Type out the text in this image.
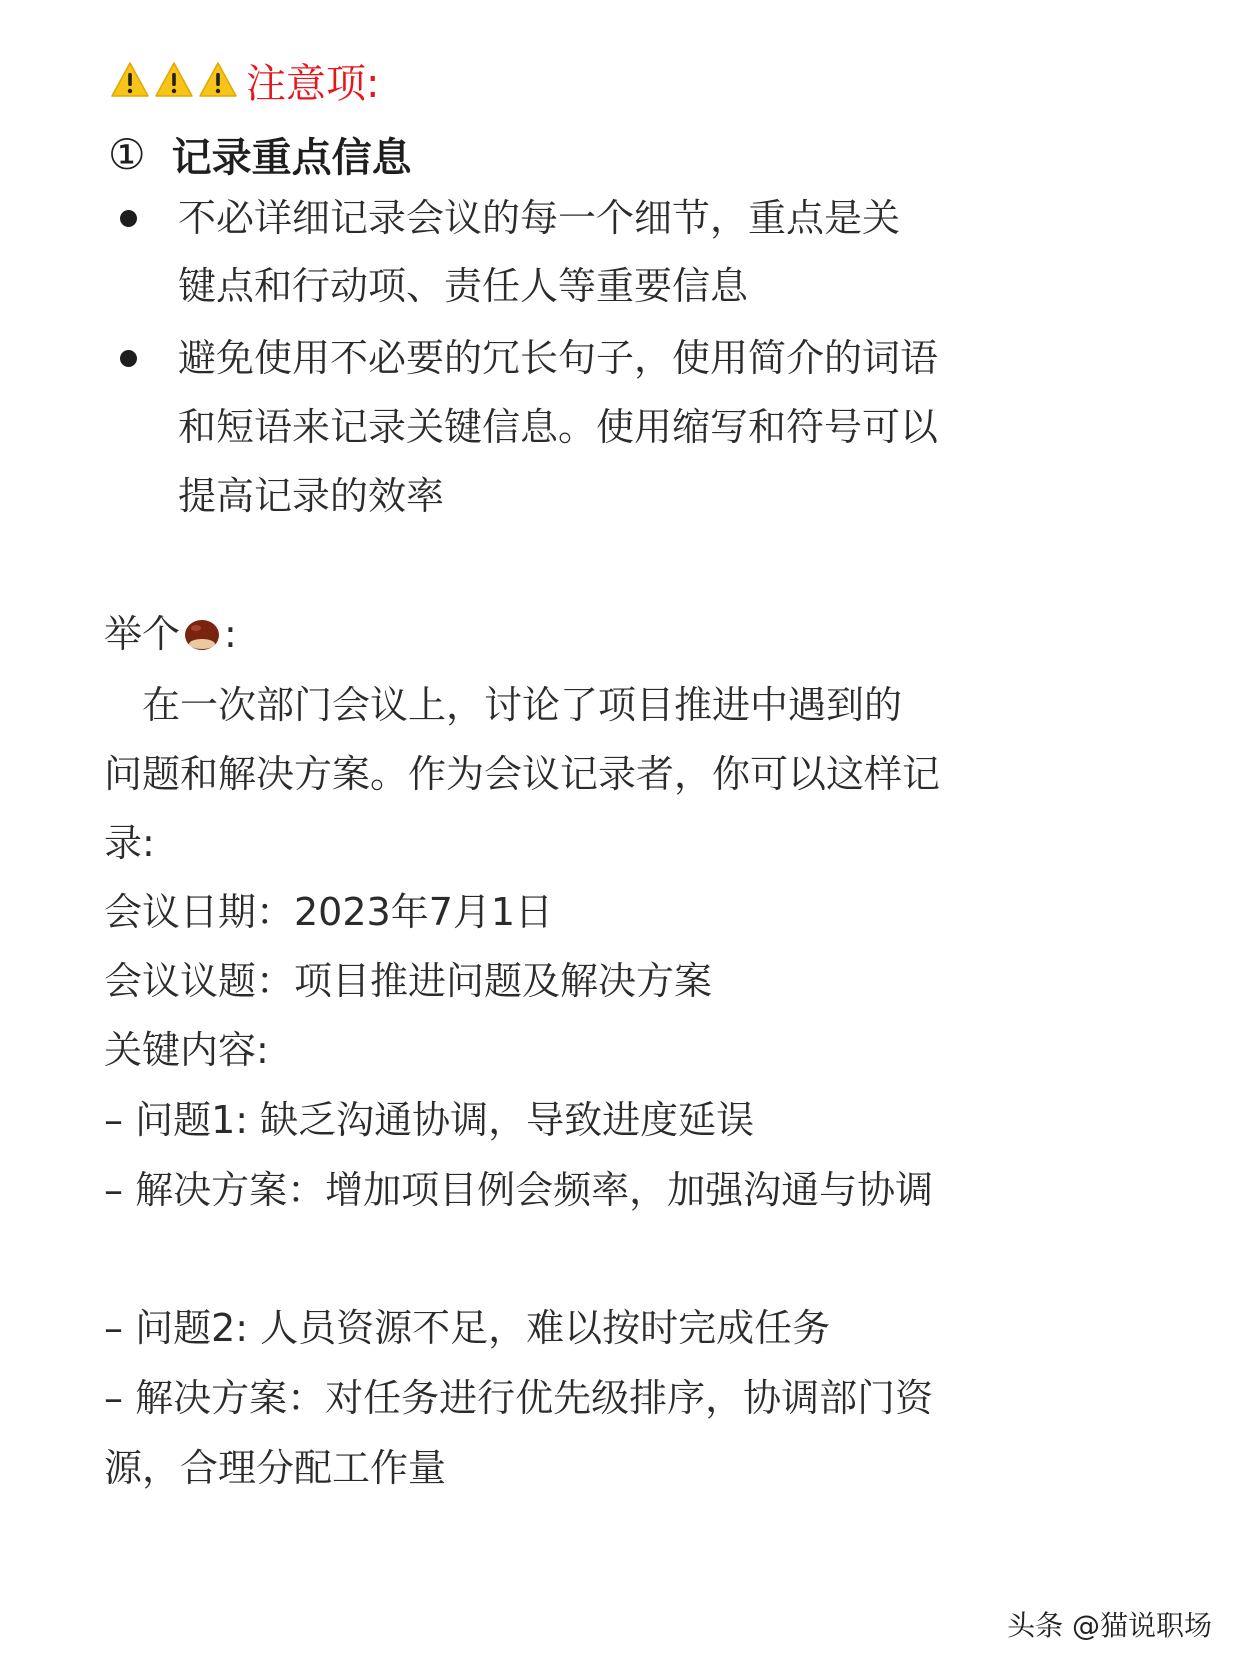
注意项:
① 记录重点信息
不必详细记录会议的每一个细节，重点是关
键点和行动项、责任人等重要信息
避免使用不必要的冗长句子，使用简介的词语
和短语来记录关键信息。使用缩写和符号可以
提高记录的效率
举个 :
　在一次部门会议上，讨论了项目推进中遇到的
问题和解决方案。作为会议记录者，你可以这样记
录:
会议日期：2023年7月1日
会议议题：项目推进问题及解决方案
关键内容:
– 问题1: 缺乏沟通协调，导致进度延误
– 解决方案：增加项目例会频率，加强沟通与协调
– 问题2: 人员资源不足，难以按时完成任务
– 解决方案：对任务进行优先级排序，协调部门资
源，合理分配工作量
头条 @猫说职场
